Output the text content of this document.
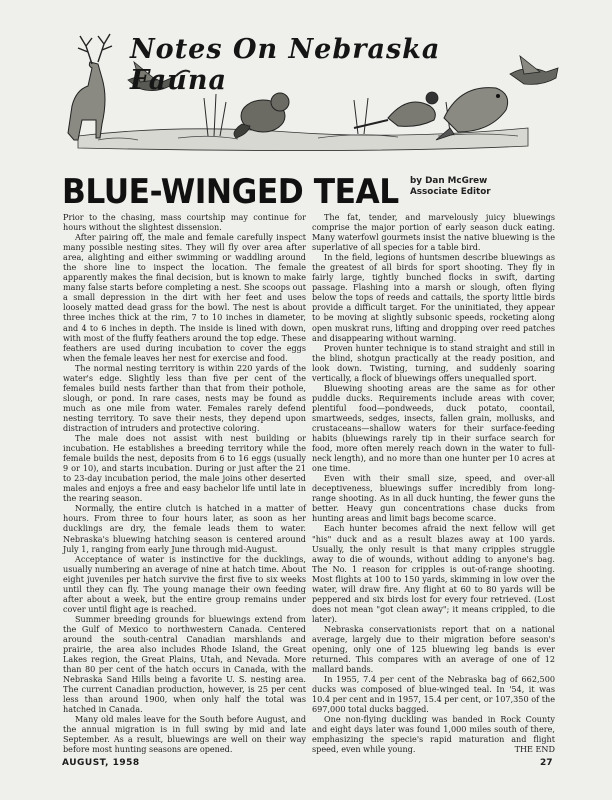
Notes On Nebraska Fauna
BLUE-WINGED TEAL by Dan McGrew
Associate Editor

Prior to the chasing, mass courtship may continue for hours without the slightest dissension.

After pairing off, the male and female carefully inspect many possible nesting sites. They will fly over area after area, alighting and either swimming or waddling around the shore line to inspect the location. The female apparently makes the final decision, but is known to make many false starts before completing a nest. She scoops out a small depression in the dirt with her feet and uses loosely matted dead grass for the bowl. The nest is about three inches thick at the rim, 7 to 10 inches in diameter, and 4 to 6 inches in depth. The inside is lined with down, with most of the fluffy feathers around the top edge. These feathers are used during incubation to cover the eggs when the female leaves her nest for exercise and food.

The normal nesting territory is within 220 yards of the water's edge. Slightly less than five per cent of the females build nests farther than that from their pothole, slough, or pond. In rare cases, nests may be found as much as one mile from water. Females rarely defend nesting territory. To save their nests, they depend upon distraction of intruders and protective coloring.

The male does not assist with nest building or incubation. He establishes a breeding territory while the female builds the nest, deposits from 6 to 16 eggs (usually 9 or 10), and starts incubation. During or just after the 21 to 23-day incubation period, the male joins other deserted males and enjoys a free and easy bachelor life until late in the rearing season.

Normally, the entire clutch is hatched in a matter of hours. From three to four hours later, as soon as her ducklings are dry, the female leads them to water. Nebraska's bluewing hatching season is centered around July 1, ranging from early June through mid-August.

Acceptance of water is instinctive for the ducklings, usually numbering an average of nine at hatch time. About eight juveniles per hatch survive the first five to six weeks until they can fly. The young manage their own feeding after about a week, but the entire group remains under cover until flight age is reached.

Summer breeding grounds for bluewings extend from the Gulf of Mexico to northwestern Canada. Centered around the south-central Canadian marshlands and prairie, the area also includes Rhode Island, the Great Lakes region, the Great Plains, Utah, and Nevada. More than 80 per cent of the hatch occurs in Canada, with the Nebraska Sand Hills being a favorite U. S. nesting area. The current Canadian production, however, is 25 per cent less than around 1900, when only half the total was hatched in Canada.

Many old males leave for the South before August, and the annual migration is in full swing by mid and late September. As a result, bluewings are well on their way before most hunting seasons are opened.

The fat, tender, and marvelously juicy bluewings comprise the major portion of early season duck eating. Many waterfowl gourmets insist the native bluewing is the superlative of all species for a table bird.

In the field, legions of huntsmen describe bluewings as the greatest of all birds for sport shooting. They fly in fairly large, tightly bunched flocks in swift, darting passage. Flashing into a marsh or slough, often flying below the tops of reeds and cattails, the sporty little birds provide a difficult target. For the uninitiated, they appear to be moving at slightly subsonic speeds, rocketing along open muskrat runs, lifting and dropping over reed patches and disappearing without warning.

Proven hunter technique is to stand straight and still in the blind, shotgun practically at the ready position, and look down. Twisting, turning, and suddenly soaring vertically, a flock of bluewings offers unequalled sport.

Bluewing shooting areas are the same as for other puddle ducks. Requirements include areas with cover, plentiful food—pondweeds, duck potato, coontail, smartweeds, sedges, insects, fallen grain, mollusks, and crustaceans—shallow waters for their surface-feeding habits (bluewings rarely tip in their surface search for food, more often merely reach down in the water to full-neck length), and no more than one hunter per 10 acres at one time.

Even with their small size, speed, and over-all deceptiveness, bluewings suffer incredibly from long-range shooting. As in all duck hunting, the fewer guns the better. Heavy gun concentrations chase ducks from hunting areas and limit bags become scarce.

Each hunter becomes afraid the next fellow will get "his" duck and as a result blazes away at 100 yards. Usually, the only result is that many cripples struggle away to die of wounds, without adding to anyone's bag. The No. 1 reason for cripples is out-of-range shooting. Most flights at 100 to 150 yards, skimming in low over the water, will draw fire. Any flight at 60 to 80 yards will be peppered and six birds lost for every four retrieved. (Lost does not mean "got clean away"; it means crippled, to die later).

Nebraska conservationists report that on a national average, largely due to their migration before season's opening, only one of 125 bluewing leg bands is ever returned. This compares with an average of one of 12 mallard bands.

In 1955, 7.4 per cent of the Nebraska bag of 662,500 ducks was composed of blue-winged teal. In '54, it was 10.4 per cent and in 1957, 15.4 per cent, or 107,350 of the 697,000 total ducks bagged.

One non-flying duckling was banded in Rock County and eight days later was found 1,000 miles south of there, emphasizing the specie's rapid maturation and flight speed, even while young.	THE END

AUGUST, 1958	27
